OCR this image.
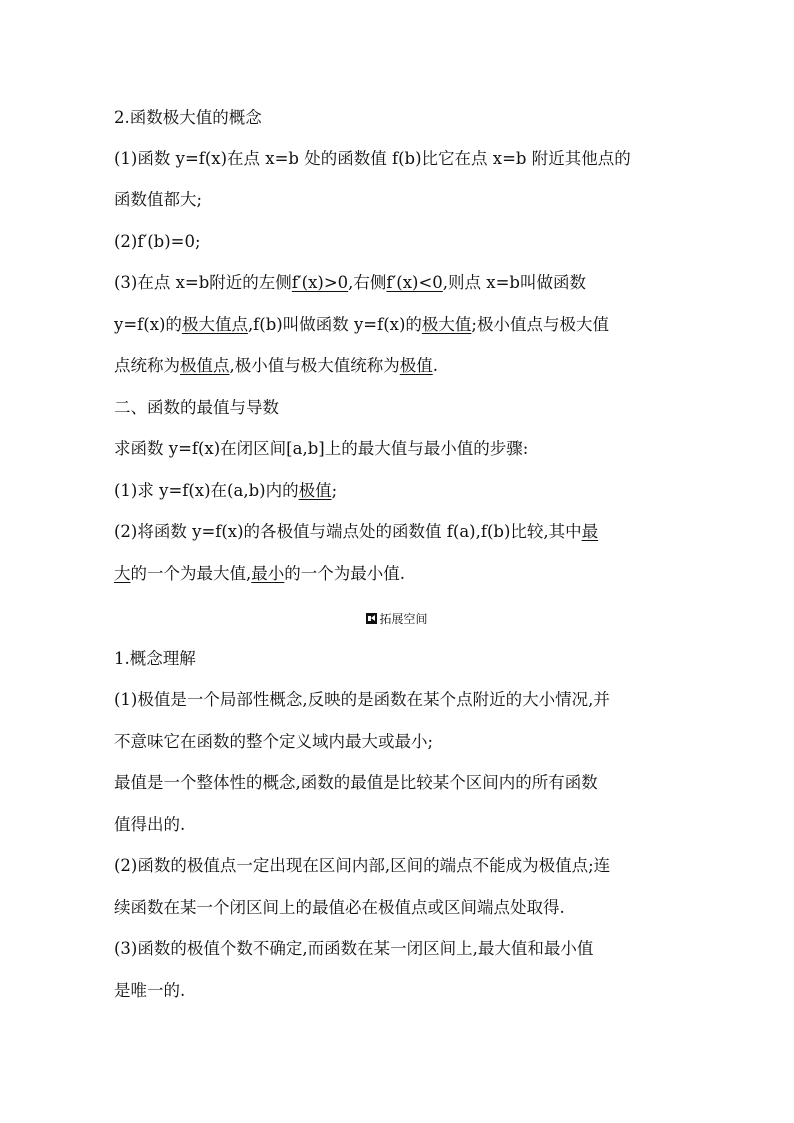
2.函数极大值的概念
(1)函数 y=f(x)在点 x=b 处的函数值 f(b)比它在点 x=b 附近其他点的
函数值都大;
(2)f′(b)=0;
(3)在点 x=b附近的左侧f′(x)>0,右侧f′(x)<0,则点 x=b叫做函数
y=f(x)的极大值点,f(b)叫做函数 y=f(x)的极大值;极小值点与极大值
点统称为极值点,极小值与极大值统称为极值.
二、函数的最值与导数
求函数 y=f(x)在闭区间[a,b]上的最大值与最小值的步骤:
(1)求 y=f(x)在(a,b)内的极值;
(2)将函数 y=f(x)的各极值与端点处的函数值 f(a),f(b)比较,其中最
大的一个为最大值,最小的一个为最小值.
拓展空间
1.概念理解
(1)极值是一个局部性概念,反映的是函数在某个点附近的大小情况,并
不意味它在函数的整个定义域内最大或最小;
最值是一个整体性的概念,函数的最值是比较某个区间内的所有函数
值得出的.
(2)函数的极值点一定出现在区间内部,区间的端点不能成为极值点;连
续函数在某一个闭区间上的最值必在极值点或区间端点处取得.
(3)函数的极值个数不确定,而函数在某一闭区间上,最大值和最小值
是唯一的.
